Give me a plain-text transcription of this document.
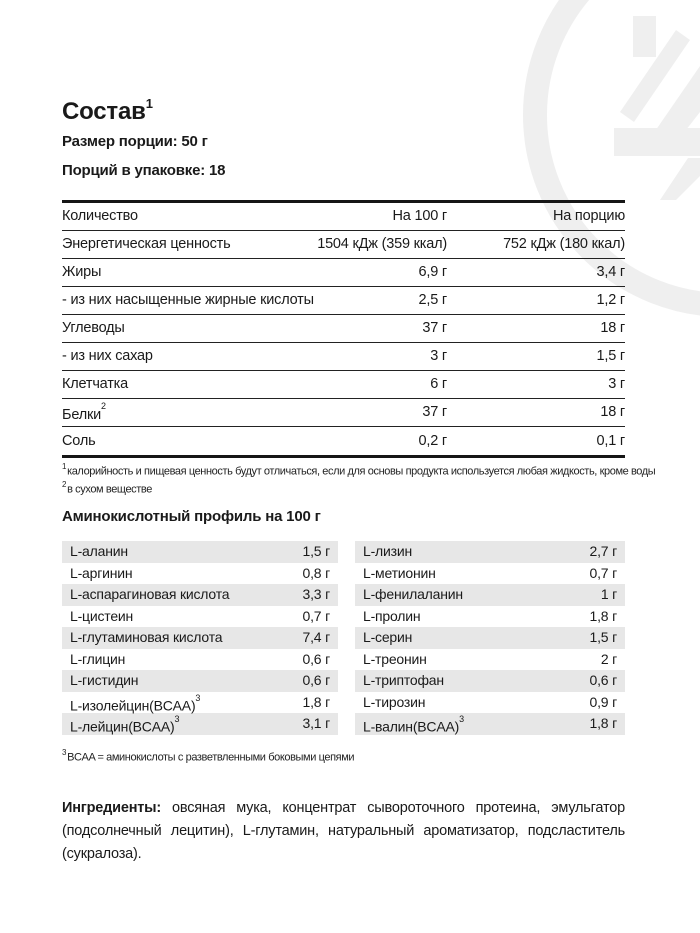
Состав$^1$
Размер порции: 50 г
Порций в упаковке: 18
Количество	На 100 г	На порцию
Энергетическая ценность	1504 кДж (359 ккал)	752 кДж (180 ккал)
Жиры	6,9 г	3,4 г
- из них насыщенные жирные кислоты	2,5 г	1,2 г
Углеводы	37 г	18 г
- из них сахар	3 г	1,5 г
Клетчатка	6 г	3 г
Белки$^2$	37 г	18 г
Соль	0,2 г	0,1 г
$^1$калорийность и пищевая ценность будут отличаться, если для основы продукта используется любая жидкость, кроме воды
$^2$в сухом веществе
Аминокислотный профиль на 100 г
L-аланин	1,5 г
L-аргинин	0,8 г
L-аспарагиновая кислота	3,3 г
L-цистеин	0,7 г
L-глутаминовая кислота	7,4 г
L-глицин	0,6 г
L-гистидин	0,6 г
L-изолейцин(BCAA)$^3$	1,8 г
L-лейцин(BCAA)$^3$	3,1 г
L-лизин	2,7 г
L-метионин	0,7 г
L-фенилаланин	1 г
L-пролин	1,8 г
L-серин	1,5 г
L-треонин	2 г
L-триптофан	0,6 г
L-тирозин	0,9 г
L-валин(BCAA)$^3$	1,8 г
$^3$BCAA = аминокислоты с разветвленными боковыми цепями
Ингредиенты: овсяная мука, концентрат сывороточного протеина, эмульгатор (подсолнечный лецитин), L-глутамин, натуральный ароматизатор, подсластитель (сукралоза).
